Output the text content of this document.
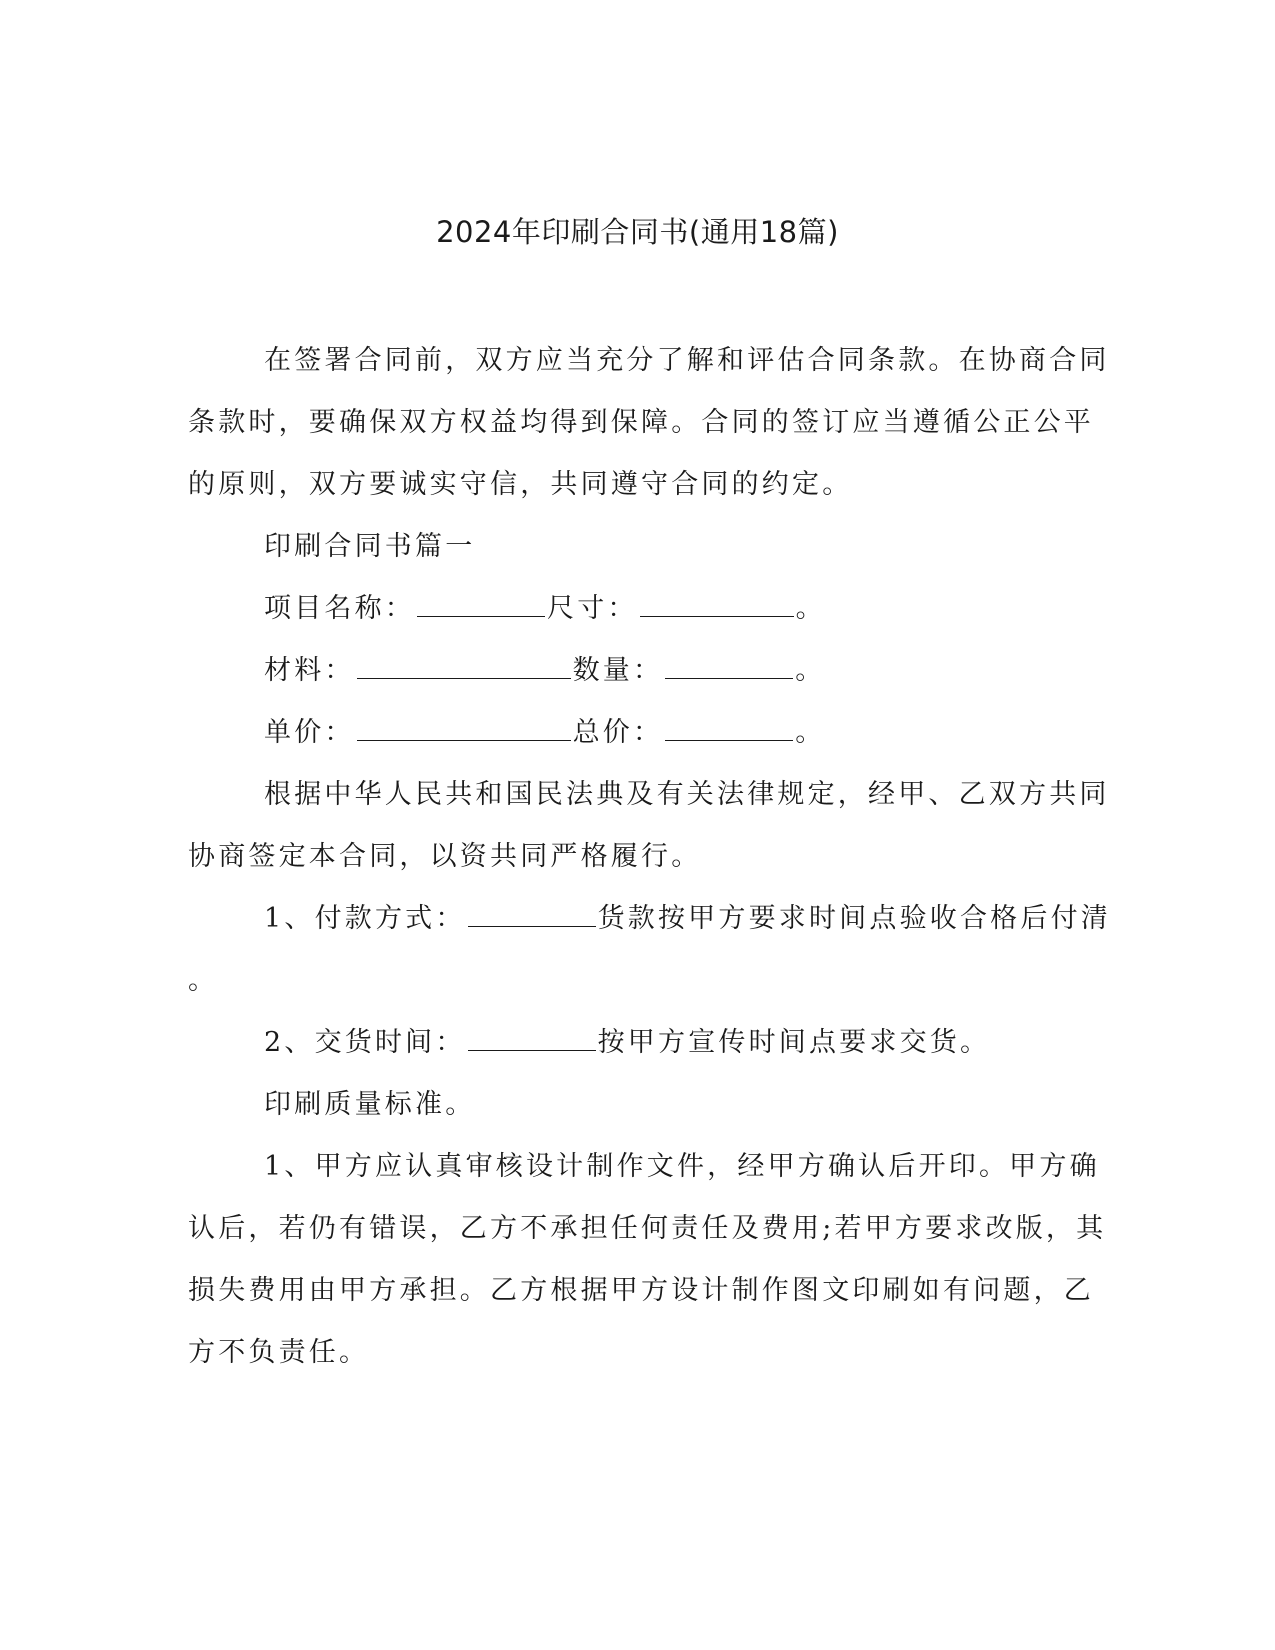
2024年印刷合同书(通用18篇)

在签署合同前，双方应当充分了解和评估合同条款。在协商合同

条款时，要确保双方权益均得到保障。合同的签订应当遵循公正公平

的原则，双方要诚实守信，共同遵守合同的约定。

印刷合同书篇一

项目名称：	尺寸：	。

材料：	数量：	。

单价：	总价：	。

根据中华人民共和国民法典及有关法律规定，经甲、乙双方共同

协商签定本合同，以资共同严格履行。

1、付款方式：	货款按甲方要求时间点验收合格后付清

。

2、交货时间：	按甲方宣传时间点要求交货。

印刷质量标准。

1、甲方应认真审核设计制作文件，经甲方确认后开印。甲方确

认后，若仍有错误，乙方不承担任何责任及费用;若甲方要求改版，其

损失费用由甲方承担。乙方根据甲方设计制作图文印刷如有问题，乙

方不负责任。
